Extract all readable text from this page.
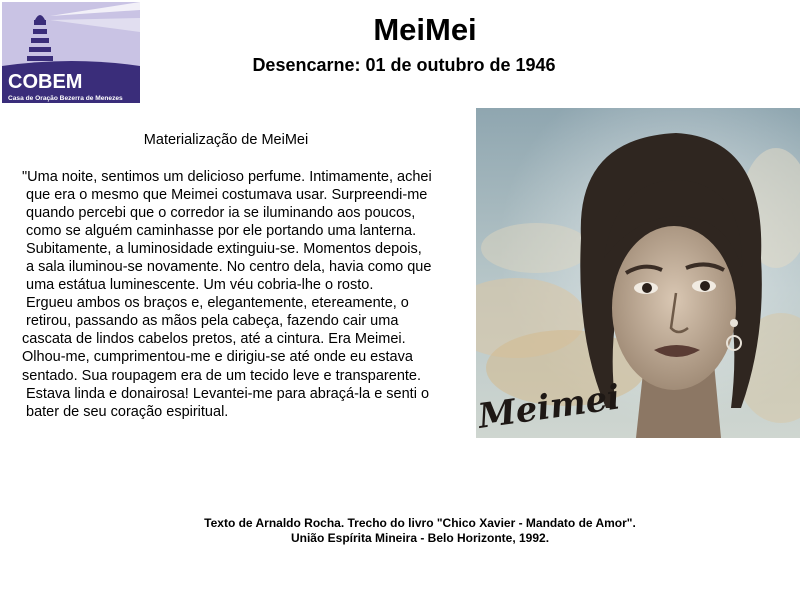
COBEM
Casa de Oração Bezerra de Menezes
MeiMei
Desencarne: 01 de outubro de 1946
Materialização de MeiMei
"Uma noite, sentimos um delicioso perfume. Intimamente, achei
que era o mesmo que Meimei costumava usar. Surpreendi-me
quando percebi que o corredor ia se iluminando aos poucos,
como se alguém caminhasse por ele portando uma lanterna.
Subitamente, a luminosidade extinguiu-se. Momentos depois,
a sala iluminou-se novamente. No centro dela, havia como que
uma estátua luminescente. Um véu cobria-lhe o rosto.
Ergueu ambos os braços e, elegantemente, etereamente, o
retirou, passando as mãos pela cabeça, fazendo cair uma
cascata de lindos cabelos pretos, até a cintura. Era Meimei.
Olhou-me, cumprimentou-me e dirigiu-se até onde eu estava
sentado. Sua roupagem era de um tecido leve e transparente.
Estava linda e donairosa! Levantei-me para abraçá-la e senti o
bater de seu coração espiritual.	Meimei
Texto de Arnaldo Rocha. Trecho do livro "Chico Xavier - Mandato de Amor".
União Espírita Mineira - Belo Horizonte, 1992.
